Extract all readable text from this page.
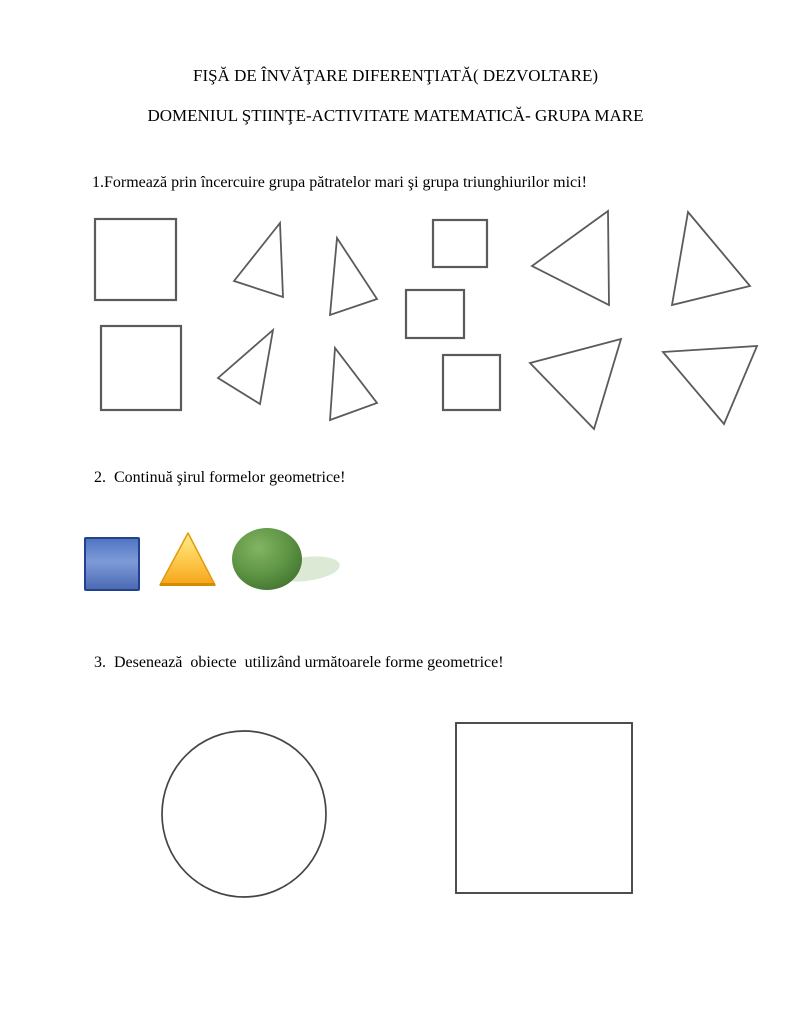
FIŞĂ DE ÎNVĂŢARE DIFERENŢIATĂ( DEZVOLTARE)
DOMENIUL ŞTIINŢE-ACTIVITATE MATEMATICĂ- GRUPA MARE
1.Formează prin încercuire grupa pătratelor mari şi grupa triunghiurilor mici!
2.  Continuă şirul formelor geometrice!
3.  Desenează  obiecte  utilizând următoarele forme geometrice!
